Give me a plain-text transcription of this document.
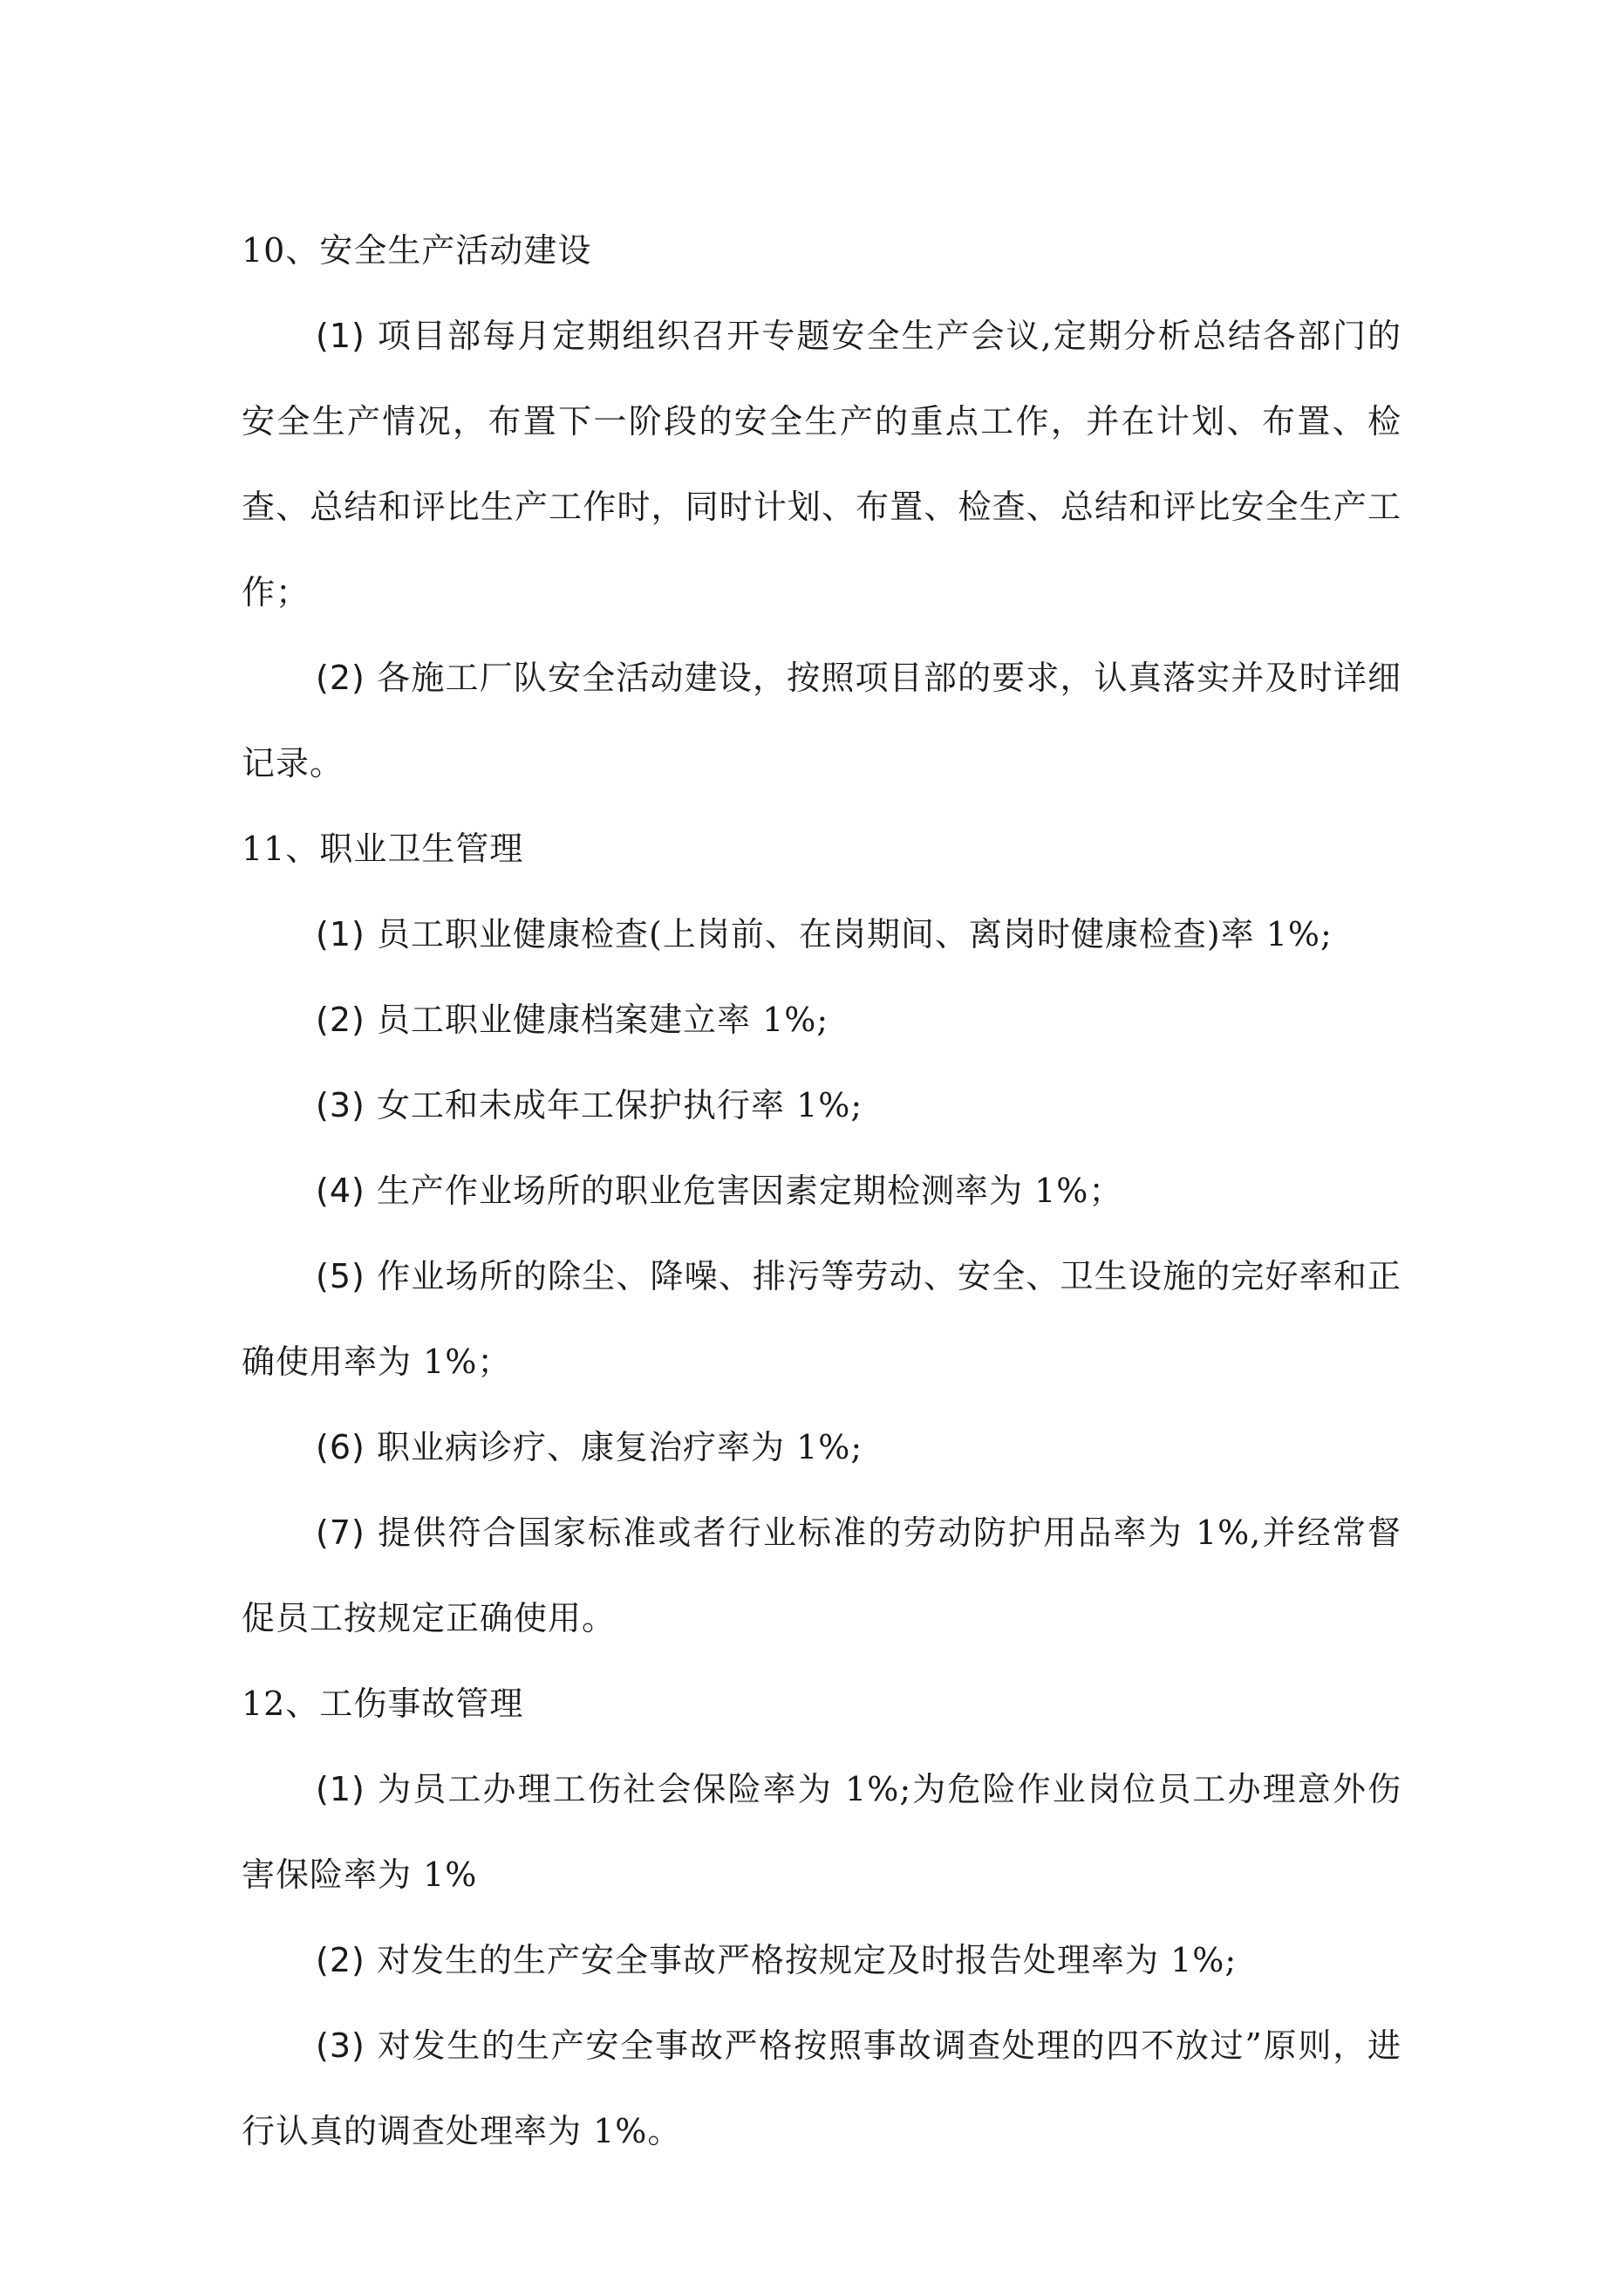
10、安全生产活动建设

(1) 项目部每月定期组织召开专题安全生产会议,定期分析总结各部门的安全生产情况，布置下一阶段的安全生产的重点工作，并在计划、布置、检查、总结和评比生产工作时，同时计划、布置、检查、总结和评比安全生产工作；

(2) 各施工厂队安全活动建设，按照项目部的要求，认真落实并及时详细记录。

11、职业卫生管理

(1) 员工职业健康检查(上岗前、在岗期间、离岗时健康检查)率 1%;

(2) 员工职业健康档案建立率 1%;

(3) 女工和未成年工保护执行率 1%;

(4) 生产作业场所的职业危害因素定期检测率为 1%；

(5) 作业场所的除尘、降噪、排污等劳动、安全、卫生设施的完好率和正确使用率为 1%；

(6) 职业病诊疗、康复治疗率为 1%;

(7) 提供符合国家标准或者行业标准的劳动防护用品率为 1%,并经常督促员工按规定正确使用。

12、工伤事故管理

(1) 为员工办理工伤社会保险率为 1%;为危险作业岗位员工办理意外伤害保险率为 1%

(2) 对发生的生产安全事故严格按规定及时报告处理率为 1%;

(3) 对发生的生产安全事故严格按照事故调查处理的四不放过”原则，进行认真的调查处理率为 1%。
